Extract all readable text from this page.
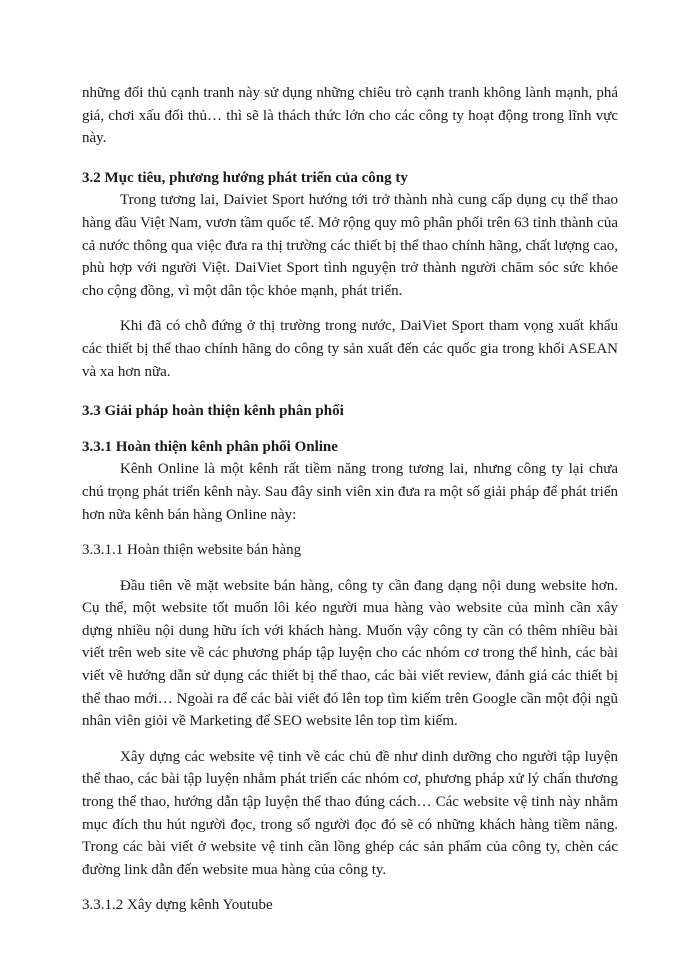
những đối thủ cạnh tranh này sử dụng những chiêu trò cạnh tranh không lành mạnh, phá giá, chơi xấu đối thủ… thì sẽ là thách thức lớn cho các công ty hoạt động trong lĩnh vực này.

3.2 Mục tiêu, phương hướng phát triển của công ty

Trong tương lai, Daiviet Sport hướng tới trở thành nhà cung cấp dụng cụ thể thao hàng đầu Việt Nam, vươn tầm quốc tế. Mở rộng quy mô phân phối trên 63 tỉnh thành của cả nước thông qua việc đưa ra thị trường các thiết bị thể thao chính hãng, chất lượng cao, phù hợp với người Việt. DaiViet Sport tình nguyện trở thành người chăm sóc sức khỏe cho cộng đồng, vì một dân tộc khỏe mạnh, phát triển.

Khi đã có chỗ đứng ở thị trường trong nước, DaiViet Sport tham vọng xuất khẩu các thiết bị thể thao chính hãng do công ty sản xuất đến các quốc gia trong khối ASEAN và xa hơn nữa.

3.3 Giải pháp hoàn thiện kênh phân phối
3.3.1 Hoàn thiện kênh phân phối Online

Kênh Online là một kênh rất tiềm năng trong tương lai, nhưng công ty lại chưa chú trọng phát triển kênh này. Sau đây sinh viên xin đưa ra một số giải pháp để phát triển hơn nữa kênh bán hàng Online này:

3.3.1.1 Hoàn thiện website bán hàng

Đầu tiên về mặt website bán hàng, công ty cần đang dạng nội dung website hơn. Cụ thể, một website tốt muốn lôi kéo người mua hàng vào website của mình cần xây dựng nhiều nội dung hữu ích với khách hàng. Muốn vậy công ty cần có thêm nhiều bài viết trên web site về các phương pháp tập luyện cho các nhóm cơ trong thể hình, các bài viết về hướng dẫn sử dụng các thiết bị thể thao, các bài viết review, đánh giá các thiết bị thể thao mới… Ngoài ra để các bài viết đó lên top tìm kiếm trên Google cần một đội ngũ nhân viên giỏi về Marketing để SEO website lên top tìm kiếm.

Xây dựng các website vệ tinh về các chủ đề như dinh dưỡng cho người tập luyện thể thao, các bài tập luyện nhằm phát triển các nhóm cơ, phương pháp xử lý chấn thương trong thể thao, hướng dẫn tập luyện thể thao đúng cách… Các website vệ tinh này nhằm mục đích thu hút người đọc, trong số người đọc đó sẽ có những khách hàng tiềm năng. Trong các bài viết ở website vệ tinh cần lồng ghép các sản phẩm của công ty, chèn các đường link dẫn đến website mua hàng của công ty.

3.3.1.2 Xây dựng kênh Youtube
